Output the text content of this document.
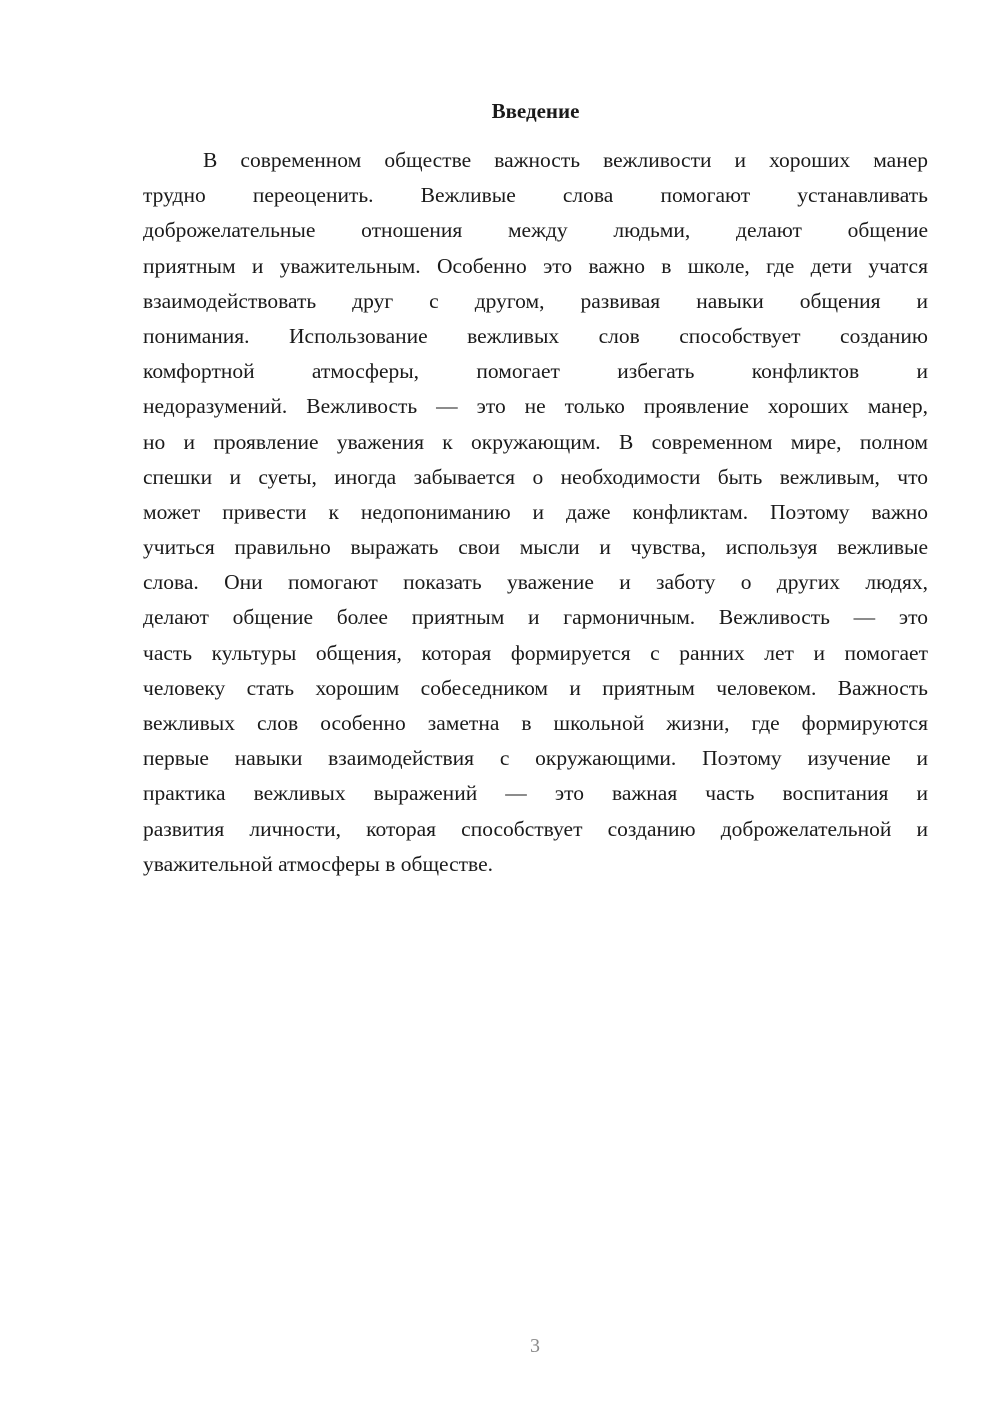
Введение
В современном обществе важность вежливости и хороших манер
трудно переоценить. Вежливые слова помогают устанавливать
доброжелательные отношения между людьми, делают общение
приятным и уважительным. Особенно это важно в школе, где дети учатся
взаимодействовать друг с другом, развивая навыки общения и
понимания. Использование вежливых слов способствует созданию
комфортной атмосферы, помогает избегать конфликтов и
недоразумений. Вежливость — это не только проявление хороших манер,
но и проявление уважения к окружающим. В современном мире, полном
спешки и суеты, иногда забывается о необходимости быть вежливым, что
может привести к недопониманию и даже конфликтам. Поэтому важно
учиться правильно выражать свои мысли и чувства, используя вежливые
слова. Они помогают показать уважение и заботу о других людях,
делают общение более приятным и гармоничным. Вежливость — это
часть культуры общения, которая формируется с ранних лет и помогает
человеку стать хорошим собеседником и приятным человеком. Важность
вежливых слов особенно заметна в школьной жизни, где формируются
первые навыки взаимодействия с окружающими. Поэтому изучение и
практика вежливых выражений — это важная часть воспитания и
развития личности, которая способствует созданию доброжелательной и
уважительной атмосферы в обществе.
3
